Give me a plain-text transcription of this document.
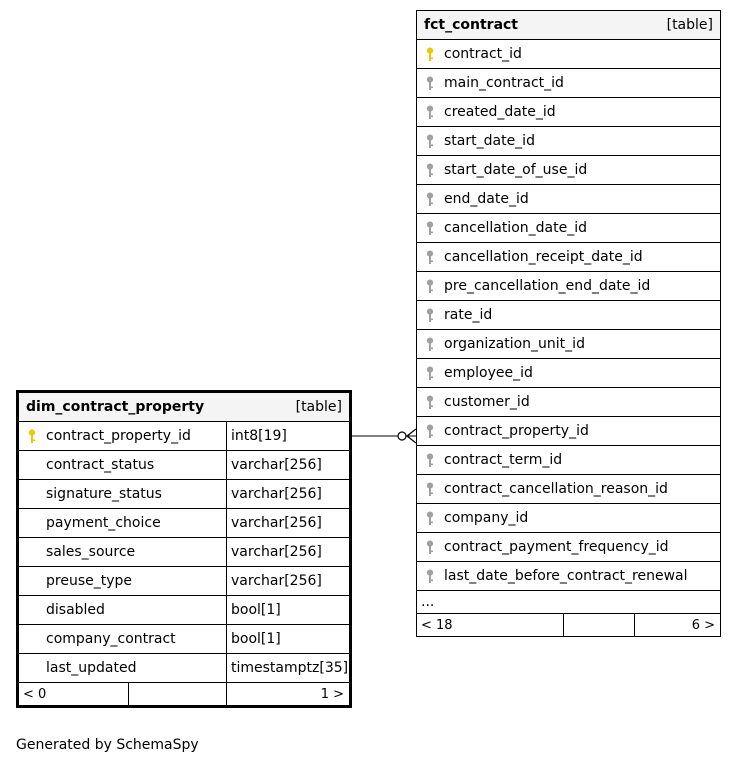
dim_contract_property [table]		

contract_property_id		int8[19]
contract_status		varchar[256]
signature_status		varchar[256]
payment_choice		varchar[256]
sales_source		varchar[256]
preuse_type		varchar[256]
disabled		bool[1]
company_contract		bool[1]
last_updated		timestamptz[35]
< 0		1 >
fct_contract	[table]

contract_id

main_contract_id

created_date_id

start_date_id

start_date_of_use_id

end_date_id

cancellation_date_id

cancellation_receipt_date_id

pre_cancellation_end_date_id

rate_id

organization_unit_id

employee_id

customer_id

contract_property_id

contract_term_id

contract_cancellation_reason_id

company_id

contract_payment_frequency_id

last_date_before_contract_renewal
...
< 18		6 >
Generated by SchemaSpy
